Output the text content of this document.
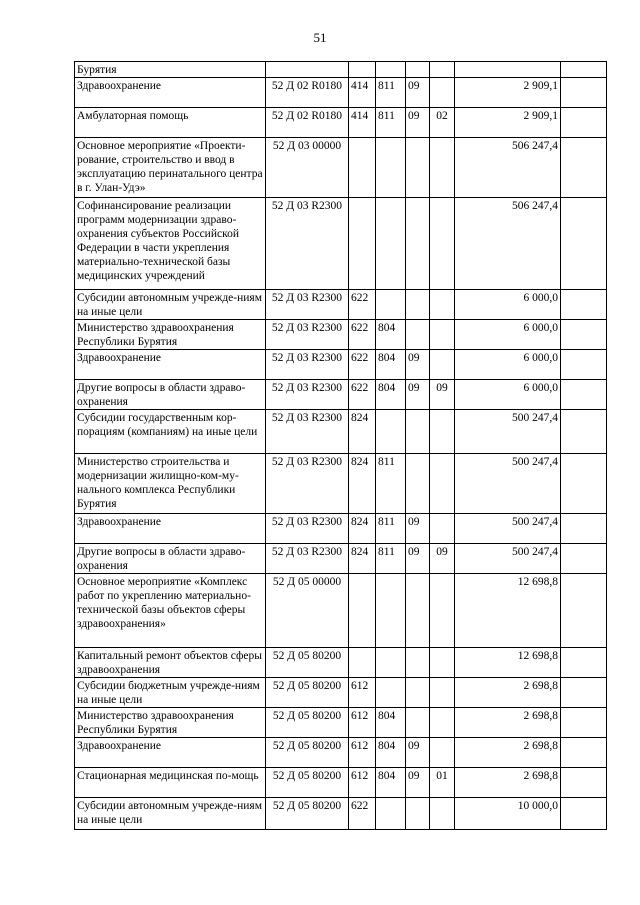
51
Бурятия							
Здравоохранение	52 Д 02 R0180	414	811	09		2 909,1	
Амбулаторная помощь	52 Д 02 R0180	414	811	09	02	2 909,1	
Основное мероприятие «Проекти-рование, строительство и ввод в эксплуатацию перинатального центра в г. Улан-Удэ»	52 Д 03 00000					506 247,4	
Софинансирование реализации программ модернизации здраво-охранения субъектов Российской Федерации в части укрепления материально-технической базы медицинских учреждений	52 Д 03 R2300					506 247,4	
Субсидии автономным учрежде-ниям на иные цели	52 Д 03 R2300	622				6 000,0	
Министерство здравоохранения Республики Бурятия	52 Д 03 R2300	622	804			6 000,0	
Здравоохранение	52 Д 03 R2300	622	804	09		6 000,0	
Другие вопросы в области здраво-охранения	52 Д 03 R2300	622	804	09	09	6 000,0	
Субсидии государственным кор-порациям (компаниям) на иные цели	52 Д 03 R2300	824				500 247,4	
Министерство строительства и модернизации жилищно-ком-му-нального комплекса Республики Бурятия	52 Д 03 R2300	824	811			500 247,4	
Здравоохранение	52 Д 03 R2300	824	811	09		500 247,4	
Другие вопросы в области здраво-охранения	52 Д 03 R2300	824	811	09	09	500 247,4	
Основное мероприятие «Комплекс работ по укреплению материально-технической базы объектов сферы здравоохранения»	52 Д 05 00000					12 698,8	
Капитальный ремонт объектов сферы здравоохранения	52 Д 05 80200					12 698,8	
Субсидии бюджетным учрежде-ниям на иные цели	52 Д 05 80200	612				2 698,8	
Министерство здравоохранения Республики Бурятия	52 Д 05 80200	612	804			2 698,8	
Здравоохранение	52 Д 05 80200	612	804	09		2 698,8	
Стационарная медицинская по-мощь	52 Д 05 80200	612	804	09	01	2 698,8	
Субсидии автономным учрежде-ниям на иные цели	52 Д 05 80200	622				10 000,0	
